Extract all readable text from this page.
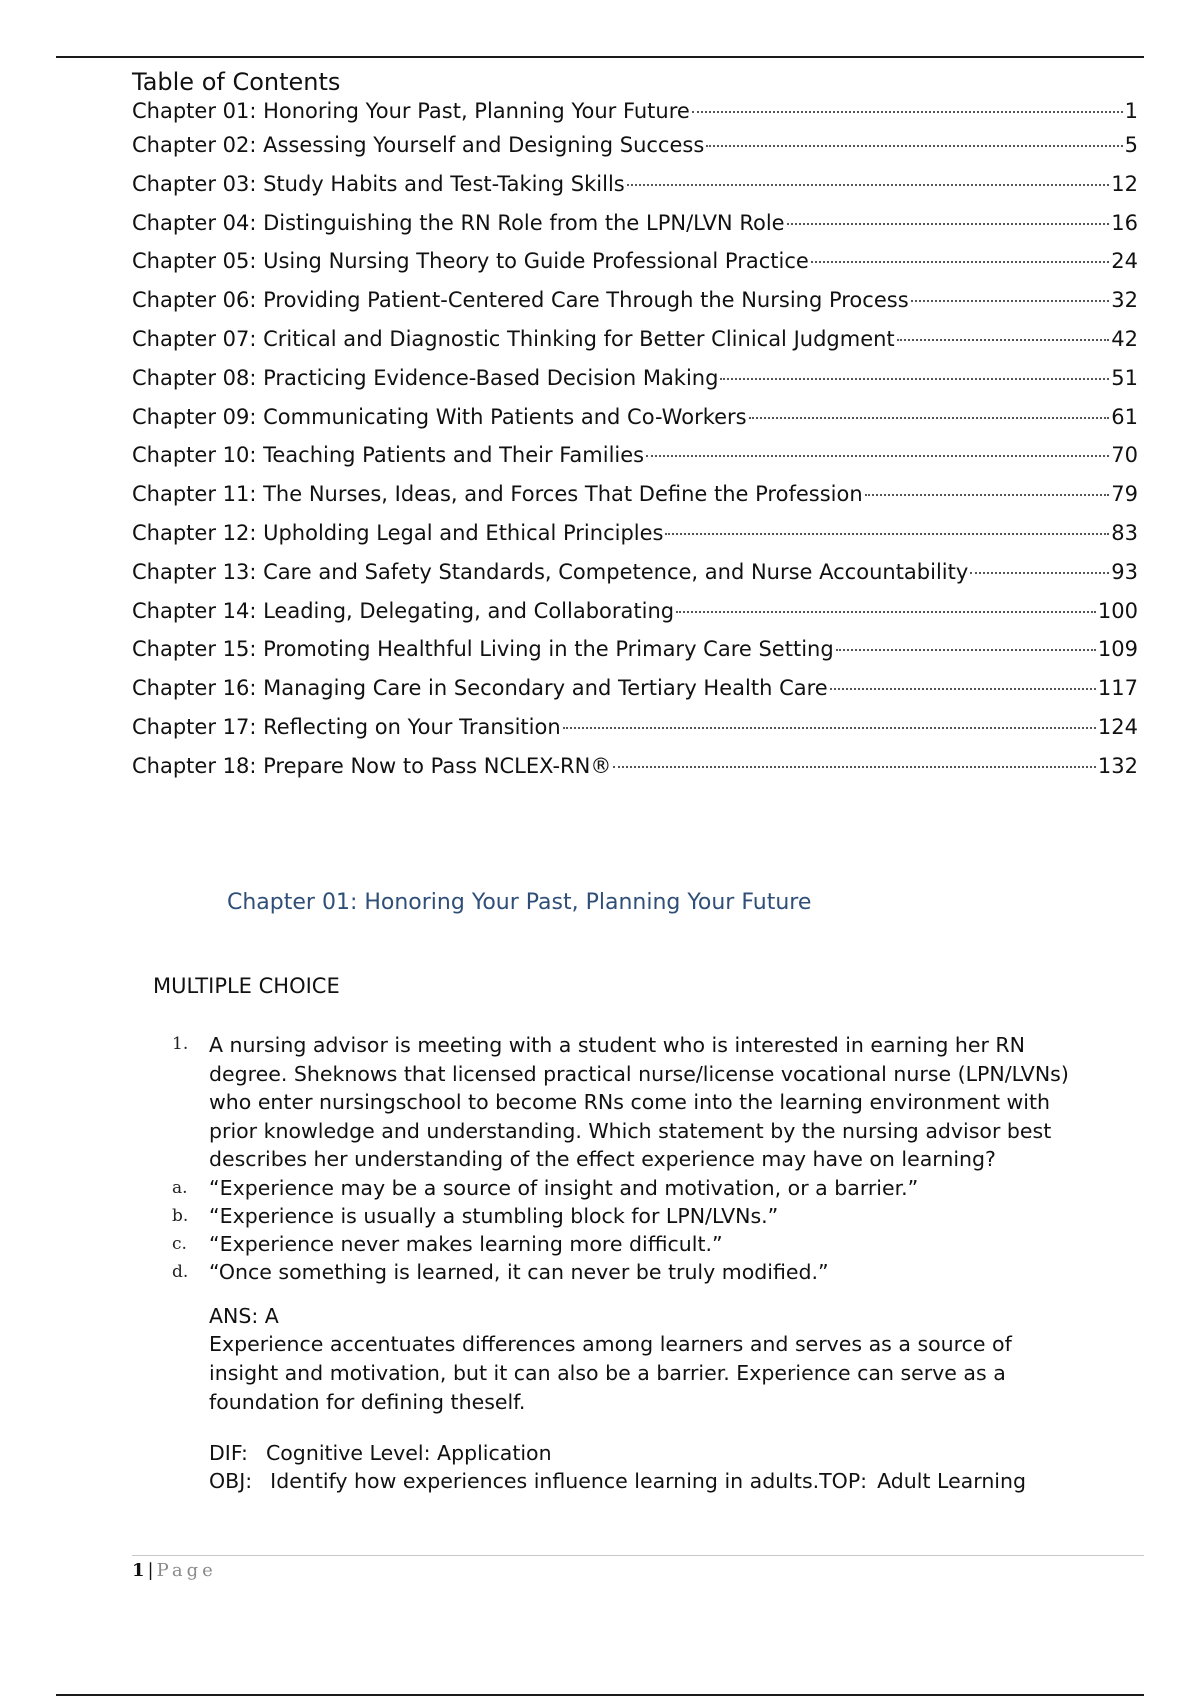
Table of Contents
Chapter 01: Honoring Your Past, Planning Your Future	1
Chapter 02: Assessing Yourself and Designing Success	5
Chapter 03: Study Habits and Test-Taking Skills	12
Chapter 04: Distinguishing the RN Role from the LPN/LVN Role	16
Chapter 05: Using Nursing Theory to Guide Professional Practice	24
Chapter 06: Providing Patient-Centered Care Through the Nursing Process	32
Chapter 07: Critical and Diagnostic Thinking for Better Clinical Judgment	42
Chapter 08: Practicing Evidence-Based Decision Making	51
Chapter 09: Communicating With Patients and Co-Workers	61
Chapter 10: Teaching Patients and Their Families	70
Chapter 11: The Nurses, Ideas, and Forces That Define the Profession	79
Chapter 12: Upholding Legal and Ethical Principles	83
Chapter 13: Care and Safety Standards, Competence, and Nurse Accountability	93
Chapter 14: Leading, Delegating, and Collaborating	100
Chapter 15: Promoting Healthful Living in the Primary Care Setting	109
Chapter 16: Managing Care in Secondary and Tertiary Health Care	117
Chapter 17: Reflecting on Your Transition	124
Chapter 18: Prepare Now to Pass NCLEX-RN®	132
Chapter 01: Honoring Your Past, Planning Your Future
MULTIPLE CHOICE
1.	A nursing advisor is meeting with a student who is interested in earning her RN degree. Sheknows that licensed practical nurse/license vocational nurse (LPN/LVNs) who enter nursingschool to become RNs come into the learning environment with prior knowledge and understanding. Which statement by the nursing advisor best describes her understanding of the effect experience may have on learning?
a.	“Experience may be a source of insight and motivation, or a barrier.”
b.	“Experience is usually a stumbling block for LPN/LVNs.”
c.	“Experience never makes learning more difficult.”
d.	“Once something is learned, it can never be truly modified.”
ANS: A
Experience accentuates differences among learners and serves as a source of insight and motivation, but it can also be a barrier. Experience can serve as a foundation for defining theself.
DIF: Cognitive Level: Application
OBJ: Identify how experiences influence learning in adults.TOP: Adult Learning
1 | Page
